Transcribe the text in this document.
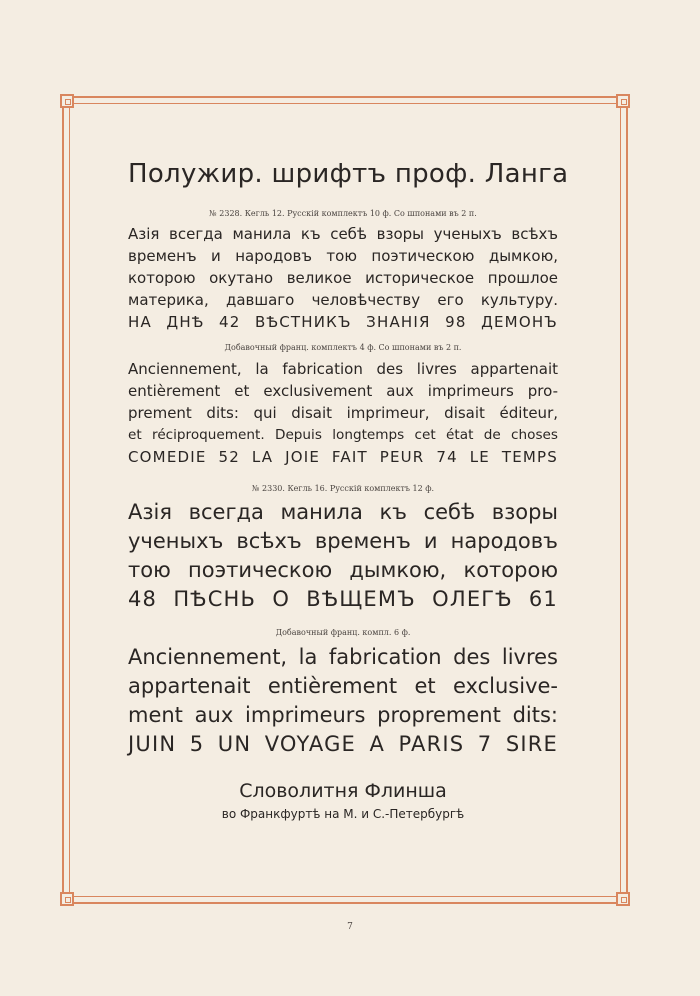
Полужир. шрифтъ проф. Ланга
№ 2328. Кегль 12. Русскій комплектъ 10 ф. Со шпонами въ 2 п.
Азія всегда манила къ себѣ взоры ученыхъ всѣхъ
временъ и народовъ тою поэтическою дымкою,
которою окутано великое историческое прошлое
материка, давшаго человѣчеству его культуру.
НА ДНѢ 42 ВѢСТНИКЪ ЗНАНІЯ 98 ДЕМОНЪ
Добавочный франц. комплектъ 4 ф. Со шпонами въ 2 п.
Anciennement, la fabrication des livres appartenait
entièrement et exclusivement aux imprimeurs pro-
prement dits: qui disait imprimeur, disait éditeur,
et réciproquement. Depuis longtemps cet état de choses
COMEDIE 52 LA JOIE FAIT PEUR 74 LE TEMPS
№ 2330. Кегль 16. Русскій комплектъ 12 ф.
Азія всегда манила къ себѣ взоры
ученыхъ всѣхъ временъ и народовъ
тою поэтическою дымкою, которою
48 ПѢСНЬ О ВѢЩЕМЪ ОЛЕГѢ 61
Добавочный франц. компл. 6 ф.
Anciennement, la fabrication des livres
appartenait entièrement et exclusive-
ment aux imprimeurs proprement dits:
JUIN 5 UN VOYAGE A PARIS 7 SIRE
Словолитня Флинша
во Франкфуртѣ на М. и С.-Петербургѣ
7
